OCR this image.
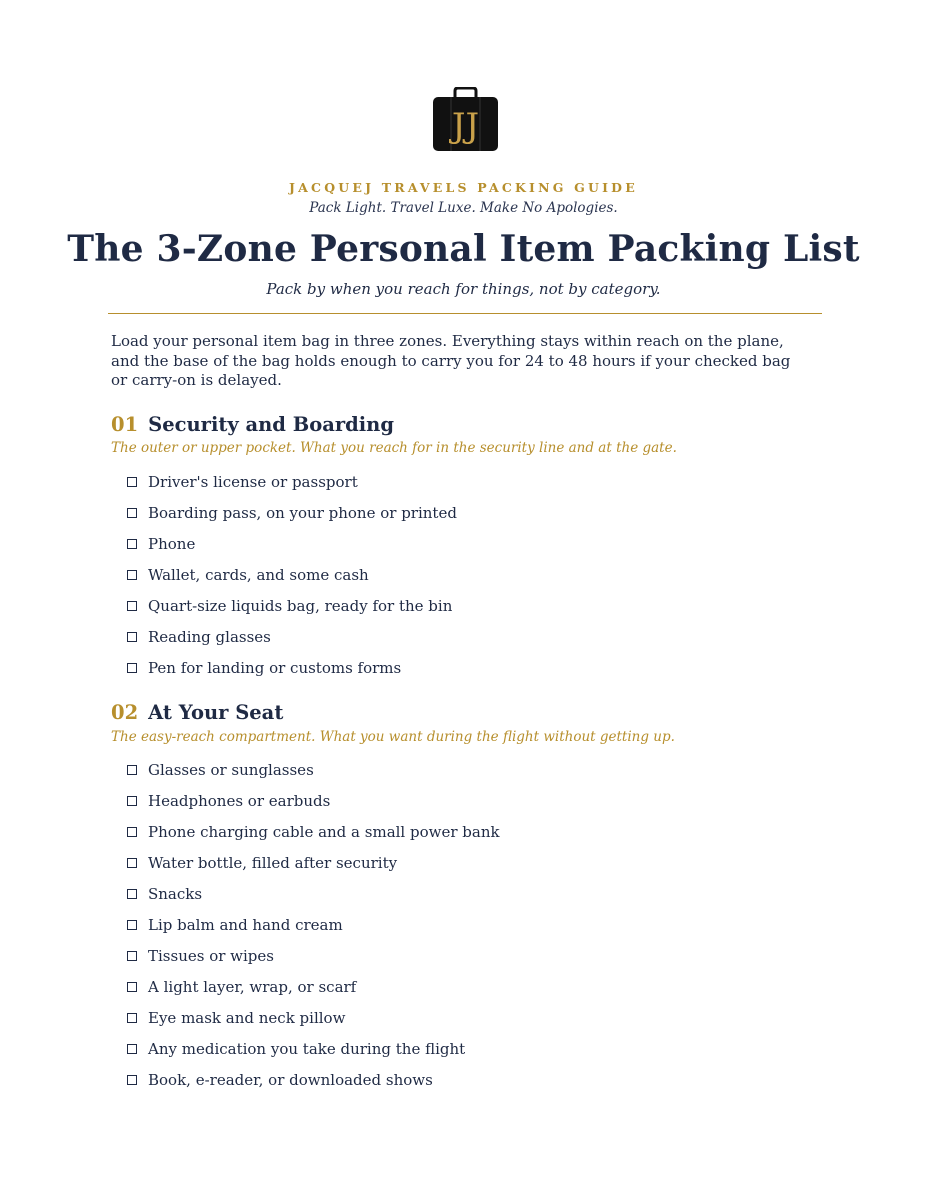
JJ
JACQUEJ TRAVELS PACKING GUIDE
Pack Light. Travel Luxe. Make No Apologies.
The 3-Zone Personal Item Packing List
Pack by when you reach for things, not by category.
Load your personal item bag in three zones. Everything stays within reach on the plane, and the base of the bag holds enough to carry you for 24 to 48 hours if your checked bag or carry-on is delayed.
01 Security and Boarding
The outer or upper pocket. What you reach for in the security line and at the gate.
Driver's license or passport
Boarding pass, on your phone or printed
Phone
Wallet, cards, and some cash
Quart-size liquids bag, ready for the bin
Reading glasses
Pen for landing or customs forms
02 At Your Seat
The easy-reach compartment. What you want during the flight without getting up.
Glasses or sunglasses
Headphones or earbuds
Phone charging cable and a small power bank
Water bottle, filled after security
Snacks
Lip balm and hand cream
Tissues or wipes
A light layer, wrap, or scarf
Eye mask and neck pillow
Any medication you take during the flight
Book, e-reader, or downloaded shows
